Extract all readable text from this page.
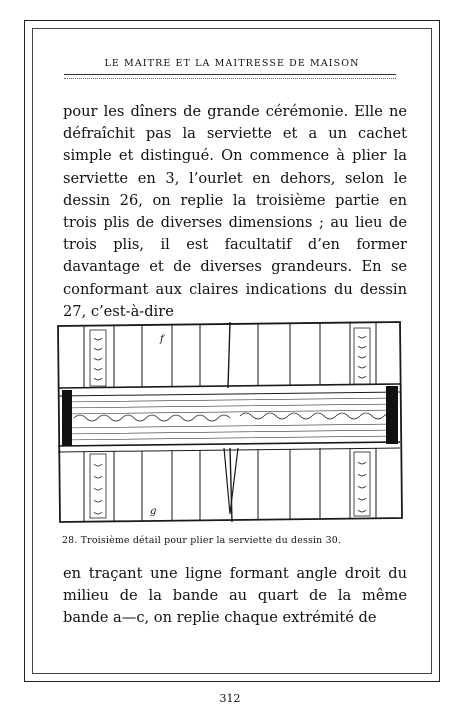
LE MAITRE ET LA MAITRESSE DE MAISON

pour les dîners de grande cérémonie. Elle ne défraîchit pas la serviette et a un cachet simple et distingué. On commence à plier la serviette en 3, l’ourlet en dehors, selon le dessin 26, on replie la troisième partie en trois plis de diverses dimensions ; au lieu de trois plis, il est facultatif d’en former davantage et de diverses grandeurs. En se conformant aux claires indications du dessin 27, c’est-à-dire

f
g
28. Troisième détail pour plier la serviette du dessin 30.

en traçant une ligne formant angle droit du milieu de la bande au quart de la même bande a—c, on replie chaque extrémité de

312
